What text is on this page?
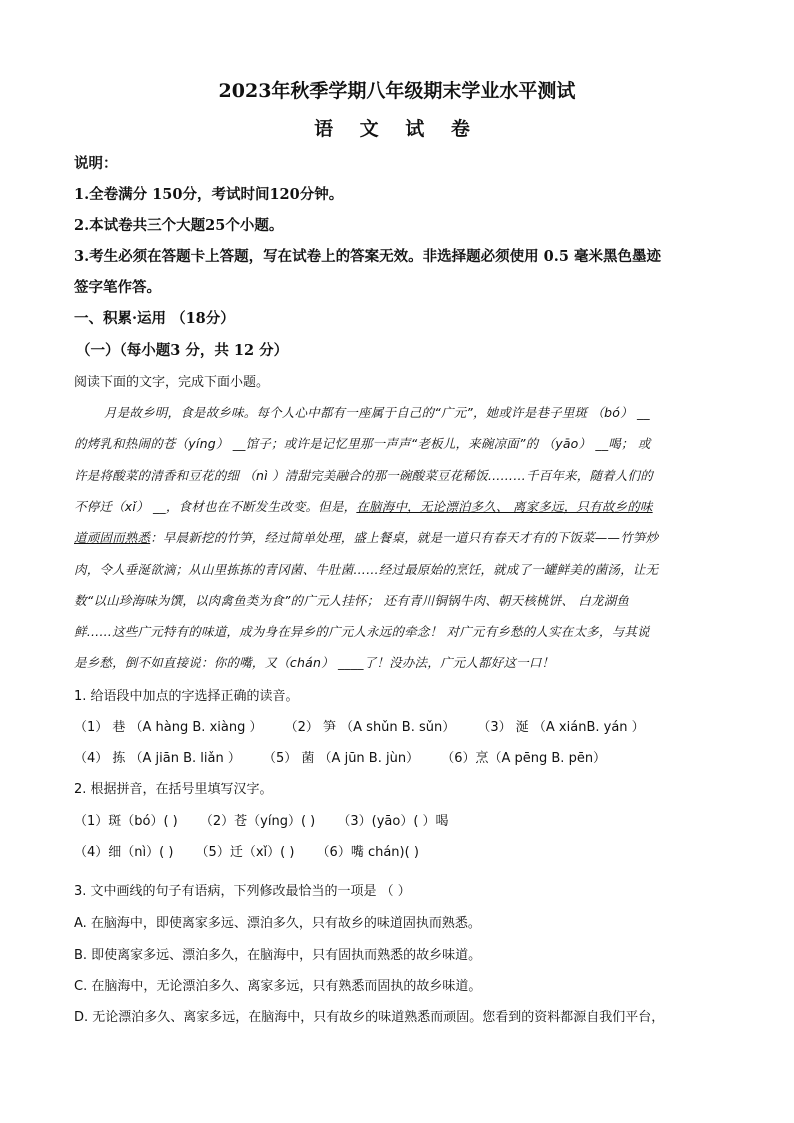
2023年秋季学期八年级期末学业水平测试
语 文 试 卷
说明：
1.全卷满分 150分，考试时间120分钟。
2.本试卷共三个大题25个小题。
3.考生必须在答题卡上答题，写在试卷上的答案无效。非选择题必须使用 0.5 毫米黑色墨迹
签字笔作答。
一、积累·运用 （18分）
（一）（每小题3 分，共 12 分）
阅读下面的文字，完成下面小题。
月是故乡明，食是故乡味。每个人心中都有一座属于自己的“广元”，她或许是巷子里斑 （bó） __
的烤乳和热闹的苍（yíng） __馆子；或许是记忆里那一声声“老板儿，来碗凉面”的 （yāo） __喝； 或
许是将酸菜的清香和豆花的细 （nì ）清甜完美融合的那一碗酸菜豆花稀饭………千百年来，随着人们的
不停迁（xǐ） __，食材也在不断发生改变。但是，在脑海中，无论漂泊多久、 离家多远，只有故乡的味
道顽固而熟悉：早晨新挖的竹笋，经过简单处理，盛上餐桌，就是一道只有春天才有的下饭菜——竹笋炒
肉，令人垂涎欲滴；从山里拣拣的青冈菌、牛肚菌……经过最原始的烹饪，就成了一罐鲜美的菌汤，让无
数“以山珍海味为馔，以肉禽鱼类为食”的广元人挂怀； 还有青川铜锅牛肉、朝天核桃饼、 白龙湖鱼
鲜……这些广元特有的味道，成为身在异乡的广元人永远的牵念！ 对广元有乡愁的人实在太多，与其说
是乡愁，倒不如直接说：你的嘴，又（chán） ____了！没办法，广元人都好这一口！
1. 给语段中加点的字选择正确的读音。
（1） 巷 （A hàng B. xiàng ） （2） 笋 （A shǔn B. sǔn） （3） 涎 （A xiánB. yán ）
（4） 拣 （A jiān B. liǎn ） （5） 菌 （A jūn B. jùn） （6）烹（A pēng B. pēn）
2. 根据拼音，在括号里填写汉字。
（1）斑（bó）( ) （2）苍（yíng）( ) （3）(yāo）( ）喝
（4）细（nì）( ) （5）迁（xǐ）( ) （6）嘴 chán)( )
3. 文中画线的句子有语病，下列修改最恰当的一项是 （ ）
A. 在脑海中，即使离家多远、漂泊多久，只有故乡的味道固执而熟悉。
B. 即使离家多远、漂泊多久，在脑海中，只有固执而熟悉的故乡味道。
C. 在脑海中，无论漂泊多久、离家多远，只有熟悉而固执的故乡味道。
D. 无论漂泊多久、离家多远，在脑海中，只有故乡的味道熟悉而顽固。您看到的资料都源自我们平台，
